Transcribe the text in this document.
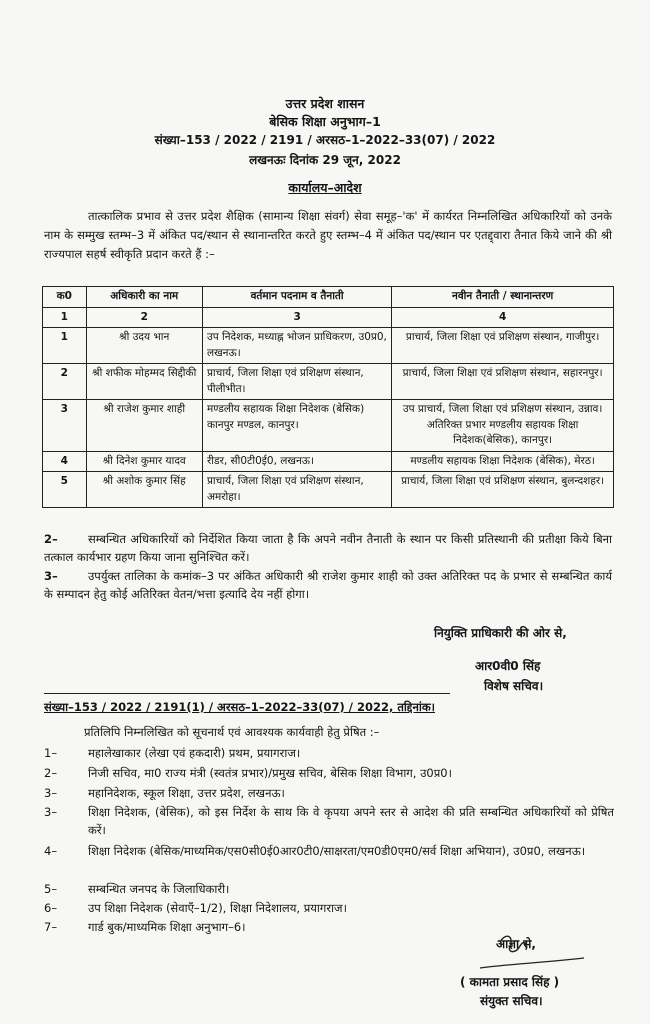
उत्तर प्रदेश शासन
बेसिक शिक्षा अनुभाग–1
संख्या–153 / 2022 / 2191 / अरसठ–1–2022–33(07) / 2022
लखनऊः दिनांक 29 जून, 2022
कार्यालय–आदेश
तात्कालिक प्रभाव से उत्तर प्रदेश शैक्षिक (सामान्य शिक्षा संवर्ग) सेवा समूह–'क' में कार्यरत निम्नलिखित अधिकारियों को उनके नाम के सम्मुख स्तम्भ–3 में अंकित पद/स्थान से स्थानान्तरित करते हुए स्तम्भ–4 में अंकित पद/स्थान पर एतद्द्वारा तैनात किये जाने की श्री राज्यपाल सहर्ष स्वीकृति प्रदान करते हैं :–
क0	अधिकारी का नाम	वर्तमान पदनाम व तैनाती	नवीन तैनाती / स्थानान्तरण
1	2	3	4
1	श्री उदय भान	उप निदेशक, मध्याह्न भोजन प्राधिकरण, उ0प्र0, लखनऊ।	प्राचार्य, जिला शिक्षा एवं प्रशिक्षण संस्थान, गाजीपुर।

2	श्री शफीक मोहम्मद सिद्दीकी	प्राचार्य, जिला शिक्षा एवं प्रशिक्षण संस्थान, पीलीभीत।	प्राचार्य, जिला शिक्षा एवं प्रशिक्षण संस्थान, सहारनपुर।

3	श्री राजेश कुमार शाही	मण्डलीय सहायक शिक्षा निदेशक (बेसिक) कानपुर मण्डल, कानपुर।	उप प्राचार्य, जिला शिक्षा एवं प्रशिक्षण संस्थान, उन्नाव।
अतिरिक्त प्रभार मण्डलीय सहायक शिक्षा निदेशक(बेसिक), कानपुर।

4	श्री दिनेश कुमार यादव	रीडर, सी0टी0ई0, लखनऊ।	मण्डलीय सहायक शिक्षा निदेशक (बेसिक), मेरठ।

5	श्री अशोक कुमार सिंह	प्राचार्य, जिला शिक्षा एवं प्रशिक्षण संस्थान, अमरोहा।	प्राचार्य, जिला शिक्षा एवं प्रशिक्षण संस्थान, बुलन्दशहर।
2–	सम्बन्धित अधिकारियों को निर्देशित किया जाता है कि अपने नवीन तैनाती के स्थान पर किसी प्रतिस्थानी की प्रतीक्षा किये बिना तत्काल कार्यभार ग्रहण किया जाना सुनिश्चित करें।
3–	उपर्युक्त तालिका के कमांक–3 पर अंकित अधिकारी श्री राजेश कुमार शाही को उक्त अतिरिक्त पद के प्रभार से सम्बन्धित कार्य के सम्पादन हेतु कोई अतिरिक्त वेतन/भत्ता इत्यादि देय नहीं होगा।
नियुक्ति प्राधिकारी की ओर से,
आर0वी0 सिंह
विशेष सचिव।
संख्या–153 / 2022 / 2191(1) / अरसठ–1–2022–33(07) / 2022, तद्दिनांक।
प्रतिलिपि निम्नलिखित को सूचनार्थ एवं आवश्यक कार्यवाही हेतु प्रेषित :–
1–	महालेखाकार (लेखा एवं हकदारी) प्रथम, प्रयागराज।
2–	निजी सचिव, मा0 राज्य मंत्री (स्वतंत्र प्रभार)/प्रमुख सचिव, बेसिक शिक्षा विभाग, उ0प्र0।
3–	महानिदेशक, स्कूल शिक्षा, उत्तर प्रदेश, लखनऊ।
3–	शिक्षा निदेशक, (बेसिक), को इस निर्देश के साथ कि वे कृपया अपने स्तर से आदेश की प्रति सम्बन्धित अधिकारियों को प्रेषित करें।
4–	शिक्षा निदेशक (बेसिक/माध्यमिक/एस0सी0ई0आर0टी0/साक्षरता/एम0डी0एम0/सर्व शिक्षा अभियान), उ0प्र0, लखनऊ।
5–	सम्बन्धित जनपद के जिलाधिकारी।
6–	उप शिक्षा निदेशक (सेवाएँ–1/2), शिक्षा निदेशालय, प्रयागराज।
7–	गार्ड बुक/माध्यमिक शिक्षा अनुभाग–6।
आज्ञा से,
( कामता प्रसाद सिंह )
संयुक्त सचिव।
